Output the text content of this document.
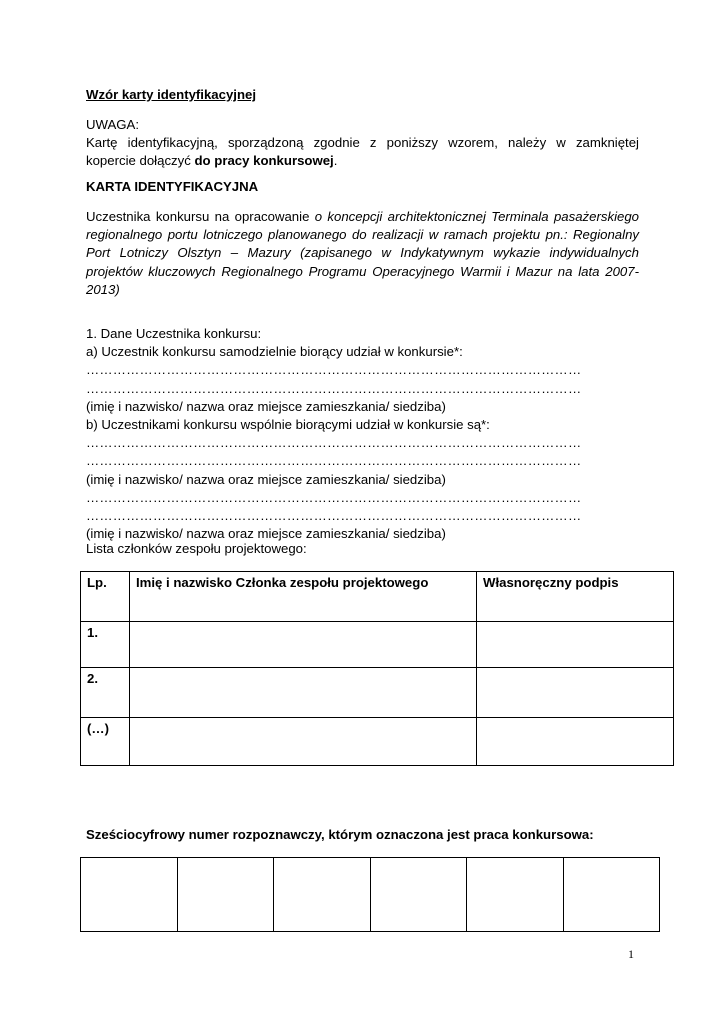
Wzór karty identyfikacyjnej
UWAGA:
Kartę identyfikacyjną, sporządzoną zgodnie z poniższy wzorem, należy w zamkniętej
kopercie dołączyć do pracy konkursowej.
KARTA IDENTYFIKACYJNA
Uczestnika konkursu na opracowanie o koncepcji architektonicznej Terminala pasażerskiego
regionalnego portu lotniczego planowanego do realizacji w ramach projektu pn.: Regionalny
Port Lotniczy Olsztyn – Mazury (zapisanego w Indykatywnym wykazie indywidualnych
projektów kluczowych Regionalnego Programu Operacyjnego Warmii i Mazur na lata 2007-
2013)
1. Dane Uczestnika konkursu:
a) Uczestnik konkursu samodzielnie biorący udział w konkursie*:
…………………………………………………………………………………………………
…………………………………………………………………………………………………
(imię i nazwisko/ nazwa oraz miejsce zamieszkania/ siedziba)
b) Uczestnikami konkursu wspólnie biorącymi udział w konkursie są*:
…………………………………………………………………………………………………
…………………………………………………………………………………………………
(imię i nazwisko/ nazwa oraz miejsce zamieszkania/ siedziba)
…………………………………………………………………………………………………
…………………………………………………………………………………………………
(imię i nazwisko/ nazwa oraz miejsce zamieszkania/ siedziba)
Lista członków zespołu projektowego:
Lp.	Imię i nazwisko Członka zespołu projektowego	Własnoręczny podpis
1.		
2.		
(…)		
Sześciocyfrowy numer rozpoznawczy, którym oznaczona jest praca konkursowa:

1
